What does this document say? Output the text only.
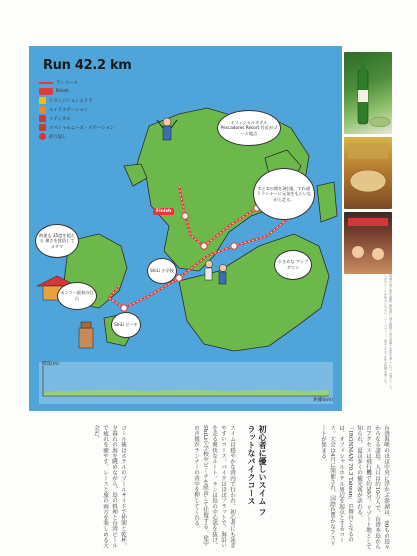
Run 42.2 km
ランコース
Finish
トランジションエリア
エイドステーション
メディカル
スペシャルニーズ・ステーション
折り返し
Finish
オフィシャルホテル Pescadores Resort 付近がゴール地点
①と②の間を3往復。すれ違うランナーに元気をもらいながら走る。
ShiLi 小学校
ShiLi ビーチ
ポンフー最初の灯台
小さめな アップダウン
時速も 35度を超える 暑さを覚悟して メテマ
標高(m)
距離(km)
澎湖の海と夏を満喫! 開放感に浸る時間も島の食事と景色を楽しんだ。台湾ビール。しまのビールを味わいながら、バーベキュー、島の人たちが作る料理を楽しむ。
台湾海峡のほぼ中央に浮かぶ澎湖は、90もの島々からなる諸島。人口は約10万人で、台湾本島からのアクセスは飛行機で約50分。リゾート地として知られ、夏は多くの観光客が訪れる。「IRONMAN 70.3 Taiwan」の舞台となるのは、オフィシャルホテル周辺を起点とするコース。大会は4月に開催され、国際色豊かなアスリートが集まる。
初心者に優しいスイム フラットなバイクコース
スイムは穏やかな湾内で行われ、初心者にも泳ぎやすいコース。バイクはほぼフラットで、海沿いを走る爽快なルート。ランは島の中心部を抜け、ShiLi小学校やビーチを経由して往復する。途中の声援がランナーの背中を押してくれる。
ゴール後はホテルのプールサイドで仲間と乾杯。夕暮れの海を眺めながら、島の料理と台湾ビールで疲れを癒やす。レースと旅の両方を楽しめる大会だ。
